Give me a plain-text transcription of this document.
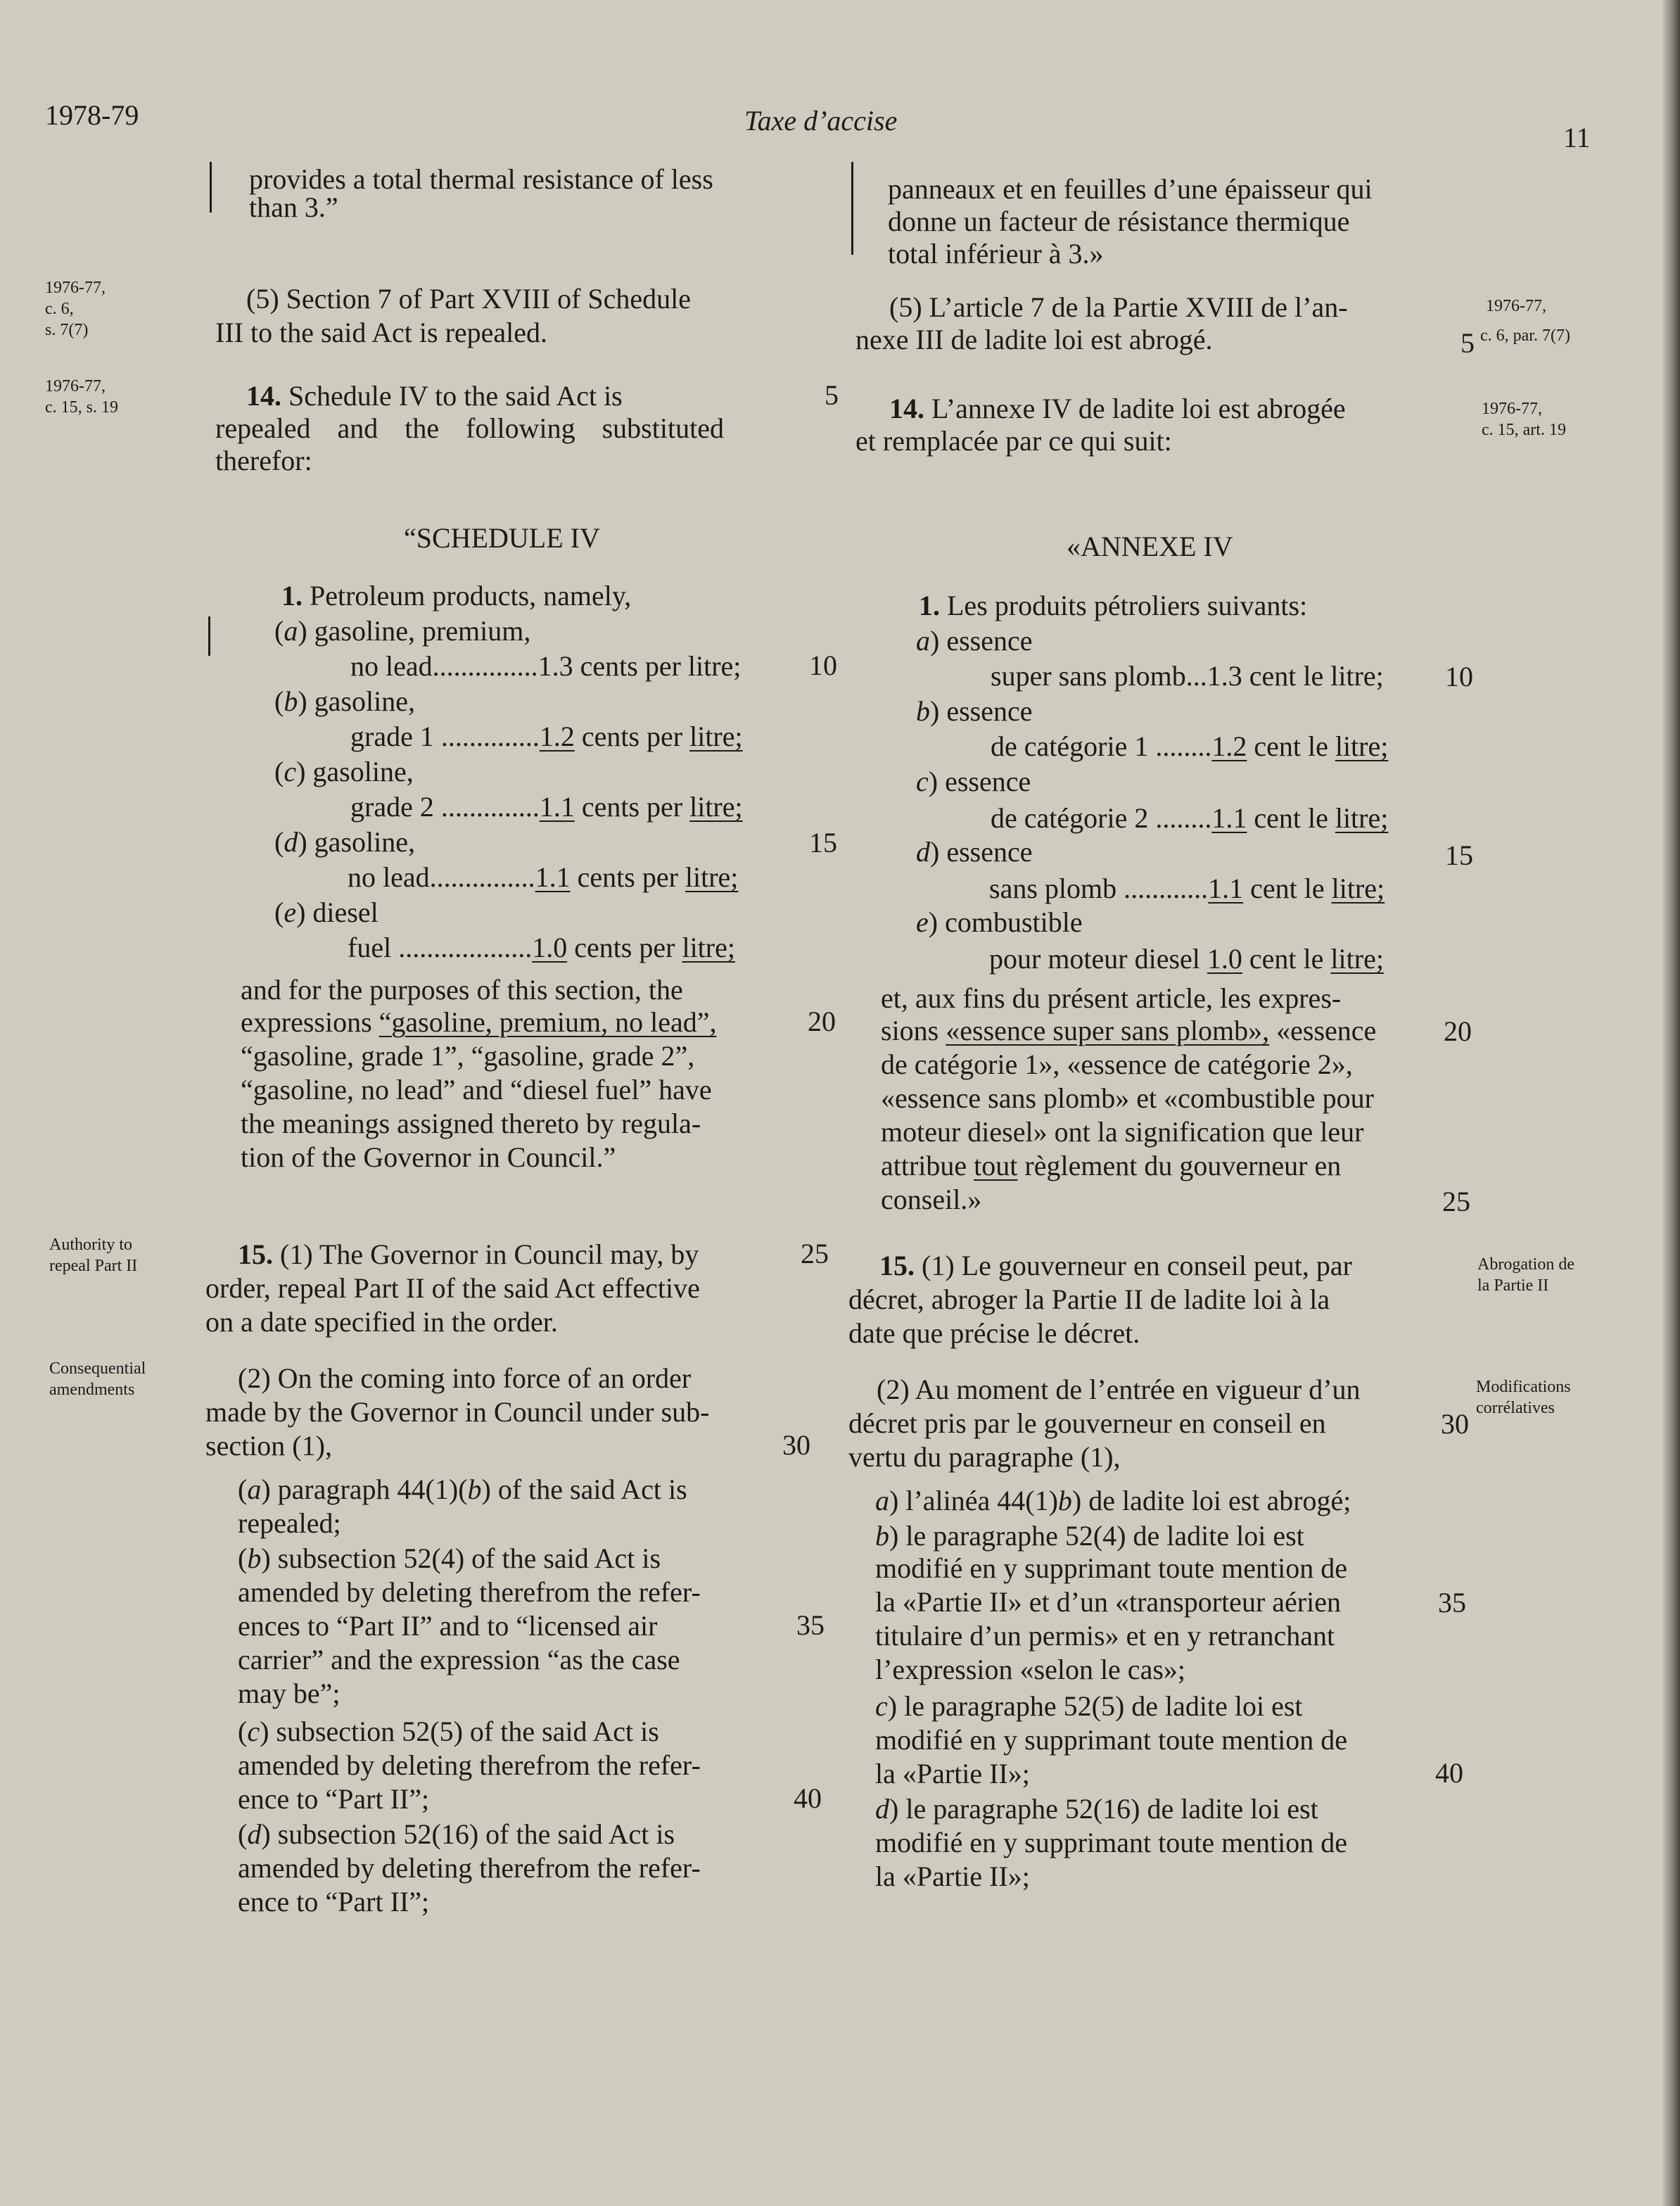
1978-79	Taxe d’accise
11
provides a total thermal resistance of less
than 3.”
1976-77,
c. 6,
s. 7(7)
(5) Section 7 of Part XVIII of Schedule
III to the said Act is repealed.
1976-77,
c. 15, s. 19	14. Schedule IV to the said Act is	5
repealed and the following substituted
therefor:
“SCHEDULE IV
1. Petroleum products, namely,
(a) gasoline, premium,
no lead...............1.3 cents per litre; 10
(b) gasoline,
grade 1 ..............1.2 cents per litre;
(c) gasoline,
grade 2 ..............1.1 cents per litre;
(d) gasoline,	15
no lead...............1.1 cents per litre;
(e) diesel
fuel ...................1.0 cents per litre;
and for the purposes of this section, the
expressions “gasoline, premium, no lead”,	20
“gasoline, grade 1”, “gasoline, grade 2”,
“gasoline, no lead” and “diesel fuel” have
the meanings assigned thereto by regula-
tion of the Governor in Council.”
Authority to
repeal Part II	15. (1) The Governor in Council may, by	25
order, repeal Part II of the said Act effective
on a date specified in the order.
Consequential
amendments	(2) On the coming into force of an order
made by the Governor in Council under sub-
section (1),	30
(a) paragraph 44(1)(b) of the said Act is
repealed;
(b) subsection 52(4) of the said Act is
amended by deleting therefrom the refer-
ences to “Part II” and to “licensed air	35
carrier” and the expression “as the case
may be”;
(c) subsection 52(5) of the said Act is
amended by deleting therefrom the refer-
ence to “Part II”;	40
(d) subsection 52(16) of the said Act is
amended by deleting therefrom the refer-
ence to “Part II”;
panneaux et en feuilles d’une épaisseur qui
donne un facteur de résistance thermique
total inférieur à 3.»
(5) L’article 7 de la Partie XVIII de l’an-
nexe III de ladite loi est abrogé.
1976-77,
5 c. 6, par. 7(7)
14. L’annexe IV de ladite loi est abrogée
et remplacée par ce qui suit:
1976-77,
c. 15, art. 19
«ANNEXE IV
1. Les produits pétroliers suivants:
a) essence
super sans plomb...1.3 cent le litre; 10
b) essence
de catégorie 1 ........1.2 cent le litre;
c) essence
de catégorie 2 ........1.1 cent le litre;
d) essence	15
sans plomb ............1.1 cent le litre;
e) combustible
pour moteur diesel 1.0 cent le litre;
et, aux fins du présent article, les expres-
sions «essence super sans plomb», «essence 20
de catégorie 1», «essence de catégorie 2»,
«essence sans plomb» et «combustible pour
moteur diesel» ont la signification que leur
attribue tout règlement du gouverneur en
conseil.»	25
15. (1) Le gouverneur en conseil peut, par
décret, abroger la Partie II de ladite loi à la
date que précise le décret.
Abrogation de
la Partie II
(2) Au moment de l’entrée en vigueur d’un
décret pris par le gouverneur en conseil en	30
vertu du paragraphe (1),
Modifications
corrélatives
a) l’alinéa 44(1)b) de ladite loi est abrogé;
b) le paragraphe 52(4) de ladite loi est
modifié en y supprimant toute mention de
la «Partie II» et d’un «transporteur aérien	35
titulaire d’un permis» et en y retranchant
l’expression «selon le cas»;
c) le paragraphe 52(5) de ladite loi est
modifié en y supprimant toute mention de
la «Partie II»;	40
d) le paragraphe 52(16) de ladite loi est
modifié en y supprimant toute mention de
la «Partie II»;
